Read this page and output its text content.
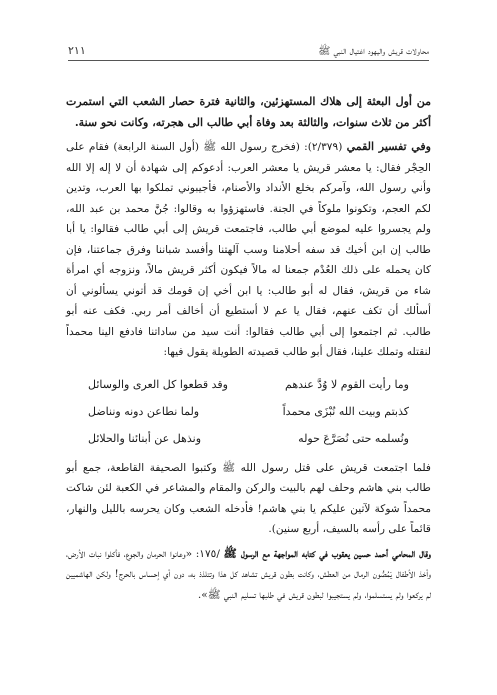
محاولات قريش واليهود اغتيال النبي ﷺ
٢١١

من أول البعثة إلى هلاك المستهزئين، والثانية فترة حصار الشعب التي استمرت أكثر من ثلاث سنوات، والثالثة بعد وفاة أبي طالب الى هجرته، وكانت نحو سنة.

وفي تفسير القمي (٢/٣٧٩): (فخرج رسول الله ﷺ (أول السنة الرابعة) فقام على الحِجْر فقال: يا معشر قريش يا معشر العرب: أدعوكم إلى شهادة أن لا إله إلا الله وأني رسول الله، وآمركم بخلع الأنداد والأصنام، فأجيبوني تملكوا بها العرب، وتدين لكم العجم، وتكونوا ملوكاً في الجنة. فاستهزؤوا به وقالوا: جُنَّ محمد بن عبد الله، ولم يجسروا عليه لموضع أبي طالب، فاجتمعت قريش إلى أبي طالب فقالوا: يا أبا طالب إن ابن أخيك قد سفه أحلامنا وسب آلهتنا وأفسد شباننا وفرق جماعتنا، فإن كان يحمله على ذلك العُدْم جمعنا له مالاً فيكون أكثر قريش مالاً، ونزوجه أي امرأة شاء من قريش، فقال له أبو طالب: يا ابن أخي إن قومك قد أتوني يسألوني أن أسألك أن تكف عنهم، فقال يا عم لا أستطيع أن أخالف أمر ربي. فكف عنه أبو طالب. ثم اجتمعوا إلى أبي طالب فقالوا: أنت سيد من ساداتنا فادفع الينا محمداً لنقتله وتملك علينا، فقال أبو طالب قصيدته الطويلة يقول فيها:

وما رأيت القوم لا وُدَّ عندهم
وقد قطعوا كل العرى والوسائل
كذبتم وبيت الله نُبْزَى محمداً
ولما نطاعن دونه ونناضل
ونُسلمه حتى نُصَرَّعَ حوله
ونذهل عن أبنائنا والحلائل

فلما اجتمعت قريش على قتل رسول الله ﷺ وكتبوا الصحيفة القاطعة، جمع أبو طالب بني هاشم وحلف لهم بالبيت والركن والمقام والمشاعر في الكعبة لئن شاكت محمداً شوكة لآتين عليكم يا بني هاشم! فأدخله الشعب وكان يحرسه بالليل والنهار، قائماً على رأسه بالسيف، أربع سنين).

وقال المحامي أحمد حسين يعقوب في كتابه المواجهة مع الرسول ﷺ /١٧٥: «وعانوا الحرمان والجوع، فأكلوا نبات الأرض، وأخذ الأطفال يَمُصُّون الرمال من العطش، وكانت بطون قريش تشاهد كل هذا وتتلذذ به، دون أي إحساس بالحرج! ولكن الهاشميين لم يركعوا ولم يستسلموا، ولم يستجيبوا لبطون قريش في طلبها تسليم النبي ﷺ».
